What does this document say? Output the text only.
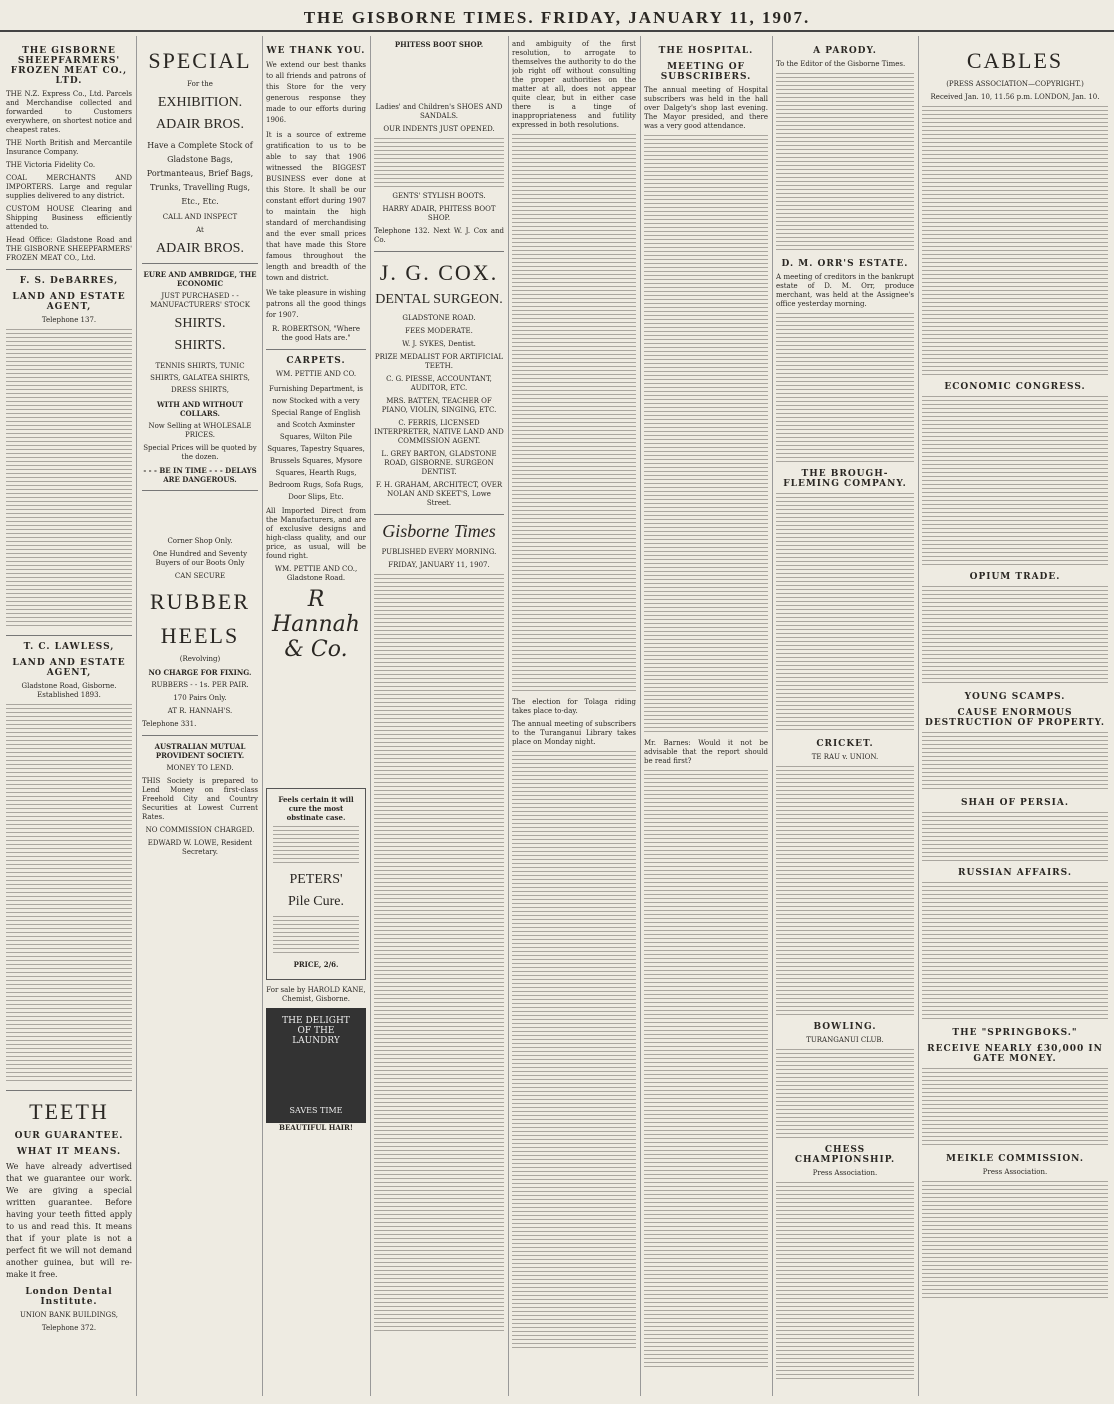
THE GISBORNE TIMES. FRIDAY, JANUARY 11, 1907.
THE GISBORNE SHEEPFARMERS' FROZEN MEAT CO., LTD.

THE N.Z. Express Co., Ltd. Parcels and Merchandise collected and forwarded to Customers everywhere, on shortest notice and cheapest rates.

THE North British and Mercantile Insurance Company.

THE Victoria Fidelity Co.

COAL MERCHANTS AND IMPORTERS. Large and regular supplies delivered to any district.

CUSTOM HOUSE Clearing and Shipping Business efficiently attended to.

Head Office: Gladstone Road and THE GISBORNE SHEEPFARMERS' FROZEN MEAT CO., Ltd.

F. S. DeBARRES,
LAND AND ESTATE AGENT,

Telephone 137.

T. C. LAWLESS,
LAND AND ESTATE AGENT,

Gladstone Road, Gisborne. Established 1893.

TEETH
OUR GUARANTEE.
WHAT IT MEANS.

We have already advertised that we guarantee our work. We are giving a special written guarantee. Before having your teeth fitted apply to us and read this. It means that if your plate is not a perfect fit we will not demand another guinea, but will re-make it free.

London Dental Institute.

UNION BANK BUILDINGS,

Telephone 372.

SPECIAL

For the

EXHIBITION.
ADAIR BROS.

Have a Complete Stock of Gladstone Bags, Portmanteaus, Brief Bags, Trunks, Travelling Rugs, Etc., Etc.

CALL AND INSPECT

At

ADAIR BROS.

EURE AND AMBRIDGE, THE ECONOMIC

JUST PURCHASED - - MANUFACTURERS' STOCK

SHIRTS.
SHIRTS.

TENNIS SHIRTS, TUNIC SHIRTS, GALATEA SHIRTS, DRESS SHIRTS,

WITH AND WITHOUT COLLARS.

Now Selling at WHOLESALE PRICES.

Special Prices will be quoted by the dozen.

- - - BE IN TIME - - - DELAYS ARE DANGEROUS.

Corner Shop Only.

One Hundred and Seventy Buyers of our Boots Only

CAN SECURE

RUBBER
HEELS

(Revolving)

NO CHARGE FOR FIXING.

RUBBERS - - 1s. PER PAIR.

170 Pairs Only.

AT R. HANNAH'S.

Telephone 331.

AUSTRALIAN MUTUAL PROVIDENT SOCIETY.

MONEY TO LEND.

THIS Society is prepared to Lend Money on first-class Freehold City and Country Securities at Lowest Current Rates.

NO COMMISSION CHARGED.

EDWARD W. LOWE, Resident Secretary.

WE THANK YOU.

We extend our best thanks to all friends and patrons of this Store for the very generous response they made to our efforts during 1906.

It is a source of extreme gratification to us to be able to say that 1906 witnessed the BIGGEST BUSINESS ever done at this Store. It shall be our constant effort during 1907 to maintain the high standard of merchandising and the ever small prices that have made this Store famous throughout the length and breadth of the town and district.

We take pleasure in wishing patrons all the good things for 1907.

R. ROBERTSON, "Where the good Hats are."

CARPETS.

WM. PETTIE AND CO.

Furnishing Department, is now Stocked with a very Special Range of English and Scotch Axminster Squares, Wilton Pile Squares, Tapestry Squares, Brussels Squares, Mysore Squares, Hearth Rugs, Bedroom Rugs, Sofa Rugs, Door Slips, Etc.

All Imported Direct from the Manufacturers, and are of exclusive designs and high-class quality, and our price, as usual, will be found right.

WM. PETTIE AND CO., Gladstone Road.

R Hannah & Co.

Feels certain it will cure the most obstinate case.

PETERS'
Pile Cure.

PRICE, 2/6.

For sale by HAROLD KANE, Chemist, Gisborne.

THE DELIGHT OF THE LAUNDRY
SAVES TIME

BEAUTIFUL HAIR!

PHITESS BOOT SHOP.

Ladies' and Children's SHOES AND SANDALS.

OUR INDENTS JUST OPENED.

GENTS' STYLISH BOOTS.

HARRY ADAIR, PHITESS BOOT SHOP.

Telephone 132. Next W. J. Cox and Co.

J. G. COX.
DENTAL SURGEON.

GLADSTONE ROAD.

FEES MODERATE.

W. J. SYKES, Dentist.

PRIZE MEDALIST FOR ARTIFICIAL TEETH.

C. G. PIESSE, ACCOUNTANT, AUDITOR, ETC.

MRS. BATTEN, TEACHER OF PIANO, VIOLIN, SINGING, ETC.

C. FERRIS, LICENSED INTERPRETER, NATIVE LAND AND COMMISSION AGENT.

L. GREY BARTON, GLADSTONE ROAD, GISBORNE. SURGEON DENTIST.

F. H. GRAHAM, ARCHITECT, OVER NOLAN AND SKEET'S, Lowe Street.

Gisborne Times

PUBLISHED EVERY MORNING.

FRIDAY, JANUARY 11, 1907.

and ambiguity of the first resolution, to arrogate to themselves the authority to do the job right off without consulting the proper authorities on the matter at all, does not appear quite clear, but in either case there is a tinge of inappropriateness and futility expressed in both resolutions.

The election for Tolaga riding takes place to-day.

The annual meeting of subscribers to the Turanganui Library takes place on Monday night.

THE HOSPITAL.
MEETING OF SUBSCRIBERS.

The annual meeting of Hospital subscribers was held in the hall over Dalgety's shop last evening. The Mayor presided, and there was a very good attendance.

Mr. Barnes: Would it not be advisable that the report should be read first?

A PARODY.

To the Editor of the Gisborne Times.

D. M. ORR'S ESTATE.

A meeting of creditors in the bankrupt estate of D. M. Orr, produce merchant, was held at the Assignee's office yesterday morning.

THE BROUGH-FLEMING COMPANY.
CRICKET.

TE RAU v. UNION.

BOWLING.

TURANGANUI CLUB.

CHESS CHAMPIONSHIP.

Press Association.

CABLES

(PRESS ASSOCIATION—COPYRIGHT.)

Received Jan. 10, 11.56 p.m. LONDON, Jan. 10.

ECONOMIC CONGRESS.
OPIUM TRADE.
YOUNG SCAMPS.
CAUSE ENORMOUS DESTRUCTION OF PROPERTY.
SHAH OF PERSIA.
RUSSIAN AFFAIRS.
THE "SPRINGBOKS."
RECEIVE NEARLY £30,000 IN GATE MONEY.
MEIKLE COMMISSION.

Press Association.
